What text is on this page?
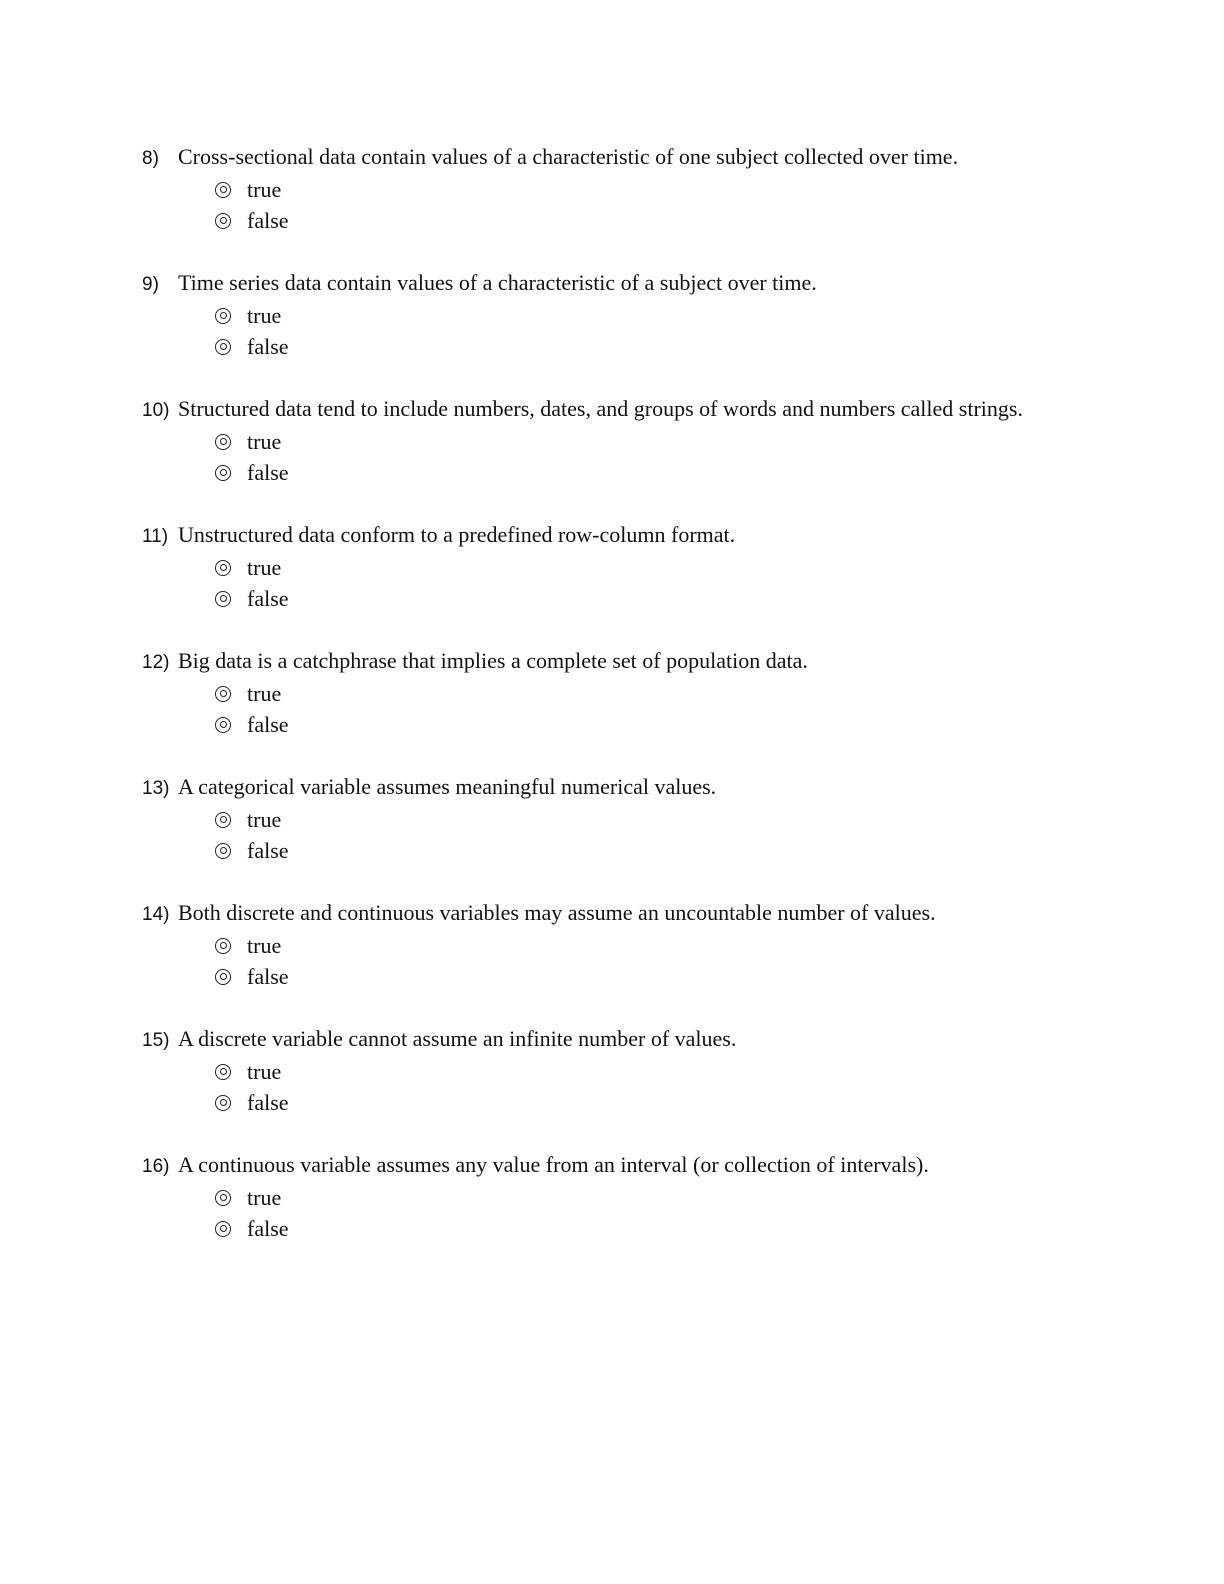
8) Cross-sectional data contain values of a characteristic of one subject collected over time.
true
false
9) Time series data contain values of a characteristic of a subject over time.
true
false
10) Structured data tend to include numbers, dates, and groups of words and numbers called strings.
true
false
11) Unstructured data conform to a predefined row-column format.
true
false
12) Big data is a catchphrase that implies a complete set of population data.
true
false
13) A categorical variable assumes meaningful numerical values.
true
false
14) Both discrete and continuous variables may assume an uncountable number of values.
true
false
15) A discrete variable cannot assume an infinite number of values.
true
false
16) A continuous variable assumes any value from an interval (or collection of intervals).
true
false
